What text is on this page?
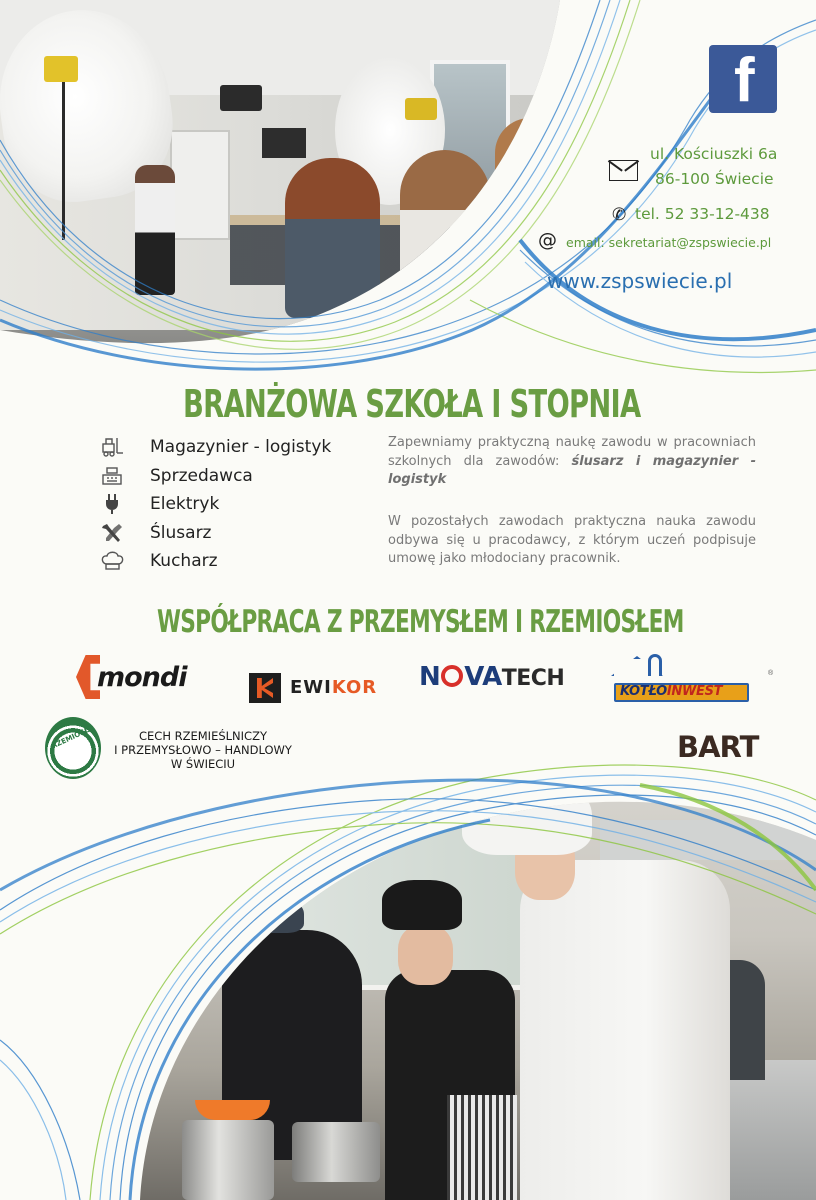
f
ul. Kościuszki 6a
86-100 Świecie
✆ tel. 52 33-12-438
@ email: sekretariat@zspswiecie.pl
www.zspswiecie.pl
BRANŻOWA SZKOŁA I STOPNIA
Magazynier - logistyk
Sprzedawca
Elektryk
Ślusarz
Kucharz
Zapewniamy praktyczną naukę zawodu w pracowniach szkolnych dla zawodów: ślusarz i magazynier - logistyk
W pozostałych zawodach praktyczna nauka zawodu odbywa się u pracodawcy, z którym uczeń podpisuje umowę jako młodociany pracownik.
WSPÓŁPRACA Z PRZEMYSŁEM I RZEMIOSŁEM
mondi	EWIKOR N VATECH
KOTŁOINWEST
®
RZEMIOSŁO	CECH RZEMIEŚLNICZY
I PRZEMYSŁOWO – HANDLOWY
W ŚWIECIU	BART
